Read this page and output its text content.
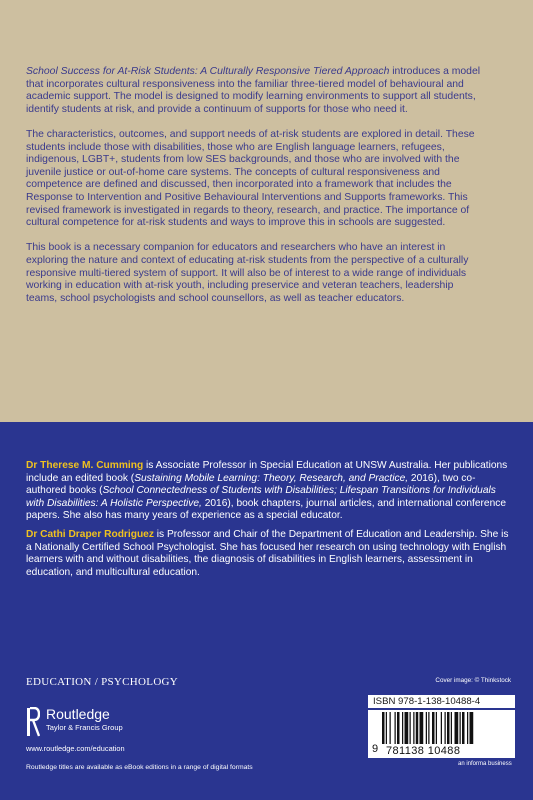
School Success for At-Risk Students: A Culturally Responsive Tiered Approach introduces a model that incorporates cultural responsiveness into the familiar three-tiered model of behavioural and academic support. The model is designed to modify learning environments to support all students, identify students at risk, and provide a continuum of supports for those who need it.

The characteristics, outcomes, and support needs of at-risk students are explored in detail. These students include those with disabilities, those who are English language learners, refugees, indigenous, LGBT+, students from low SES backgrounds, and those who are involved with the juvenile justice or out-of-home care systems. The concepts of cultural responsiveness and competence are defined and discussed, then incorporated into a framework that includes the Response to Intervention and Positive Behavioural Interventions and Supports frameworks. This revised framework is investigated in regards to theory, research, and practice. The importance of cultural competence for at-risk students and ways to improve this in schools are suggested.

This book is a necessary companion for educators and researchers who have an interest in exploring the nature and context of educating at-risk students from the perspective of a culturally responsive multi-tiered system of support. It will also be of interest to a wide range of individuals working in education with at-risk youth, including preservice and veteran teachers, leadership teams, school psychologists and school counsellors, as well as teacher educators.

Dr Therese M. Cumming is Associate Professor in Special Education at UNSW Australia. Her publications include an edited book (Sustaining Mobile Learning: Theory, Research, and Practice, 2016), two co-authored books (School Connectedness of Students with Disabilities; Lifespan Transitions for Individuals with Disabilities: A Holistic Perspective, 2016), book chapters, journal articles, and international conference papers. She also has many years of experience as a special educator.

Dr Cathi Draper Rodriguez is Professor and Chair of the Department of Education and Leadership. She is a Nationally Certified School Psychologist. She has focused her research on using technology with English learners with and without disabilities, the diagnosis of disabilities in English learners, assessment in education, and multicultural education.

EDUCATION / PSYCHOLOGY	Cover image: © Thinkstock
Routledge
Taylor & Francis Group
www.routledge.com/education
Routledge titles are available as eBook editions in a range of digital formats
ISBN 978-1-138-10488-4
9 781138 10488
an informa business
